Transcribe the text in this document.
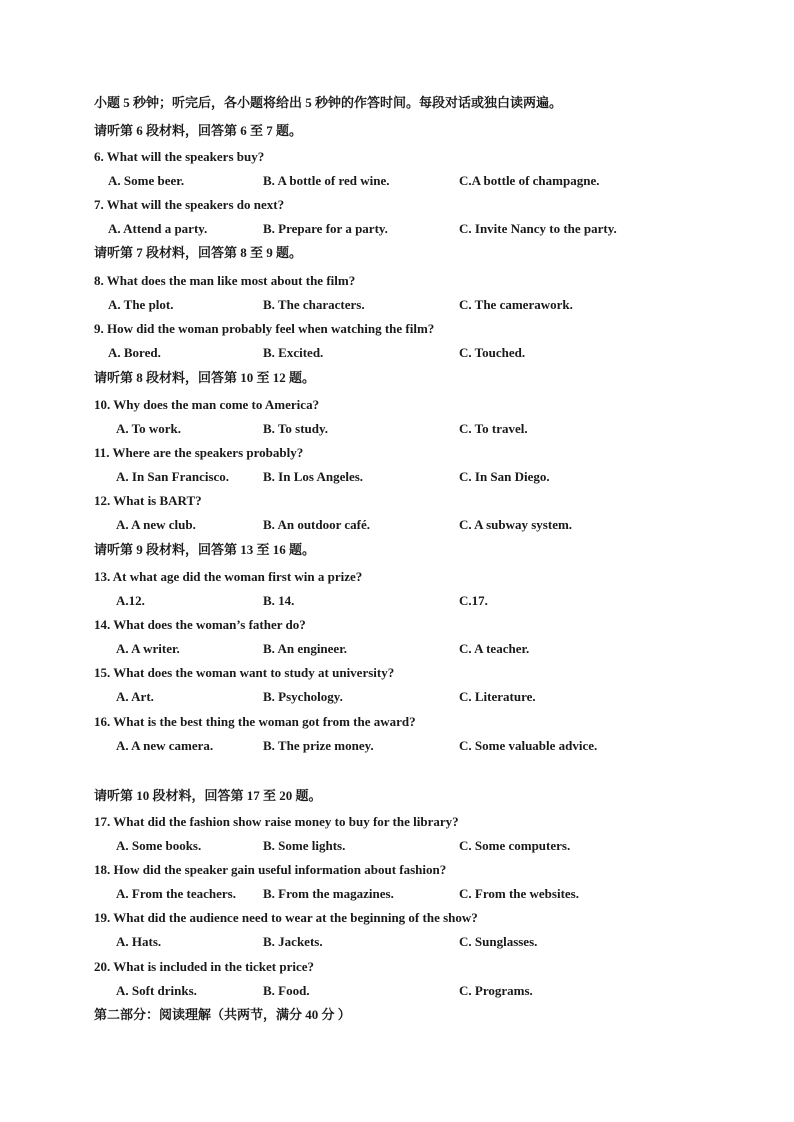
小题 5 秒钟；听完后，各小题将给出 5 秒钟的作答时间。每段对话或独白读两遍。
请听第 6 段材料，回答第 6 至 7 题。
6. What will the speakers buy?
A. Some beer.	B. A bottle of red wine.	C.A bottle of champagne.
7. What will the speakers do next?
A. Attend a party.	B. Prepare for a party.	C. Invite Nancy to the party.
请听第 7 段材料，回答第 8 至 9 题。
8. What does the man like most about the film?
A. The plot.	B. The characters.	C. The camerawork.
9. How did the woman probably feel when watching the film?
A. Bored.	B. Excited.	C. Touched.
请听第 8 段材料，回答第 10 至 12 题。
10. Why does the man come to America?
A. To work.	B. To study.	C. To travel.
11. Where are the speakers probably?
A. In San Francisco.	B. In Los Angeles.	C. In San Diego.
12. What is BART?
A. A new club.	B. An outdoor café.	C. A subway system.
请听第 9 段材料，回答第 13 至 16 题。
13. At what age did the woman first win a prize?
A.12.	B. 14.	C.17.
14. What does the woman’s father do?
A. A writer.	B. An engineer.	C. A teacher.
15. What does the woman want to study at university?
A. Art.	B. Psychology.	C. Literature.
16. What is the best thing the woman got from the award?
A. A new camera.	B. The prize money.	C. Some valuable advice.
请听第 10 段材料，回答第 17 至 20 题。
17. What did the fashion show raise money to buy for the library?
A. Some books.	B. Some lights.	C. Some computers.
18. How did the speaker gain useful information about fashion?
A. From the teachers. B. From the magazines.	C. From the websites.
19. What did the audience need to wear at the beginning of the show?
A. Hats.	B. Jackets.	C. Sunglasses.
20. What is included in the ticket price?
A. Soft drinks.	B. Food.	C. Programs.
第二部分：阅读理解（共两节，满分 40 分 ）
